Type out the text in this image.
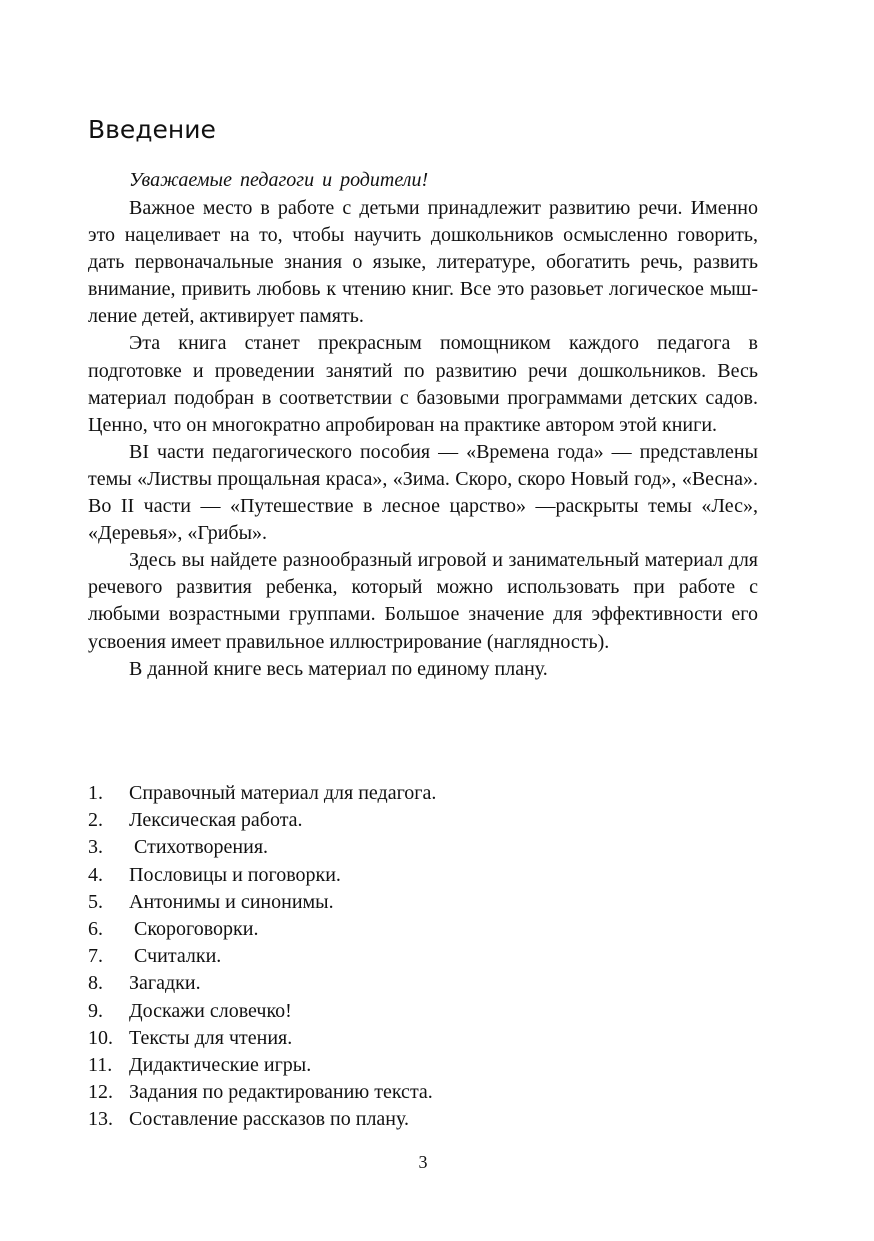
Введение

Уважаемые педагоги и родители!

Важное место в работе с детьми принадлежит развитию речи. Именно это нацеливает на то, чтобы научить дошкольников осмысленно говорить, дать первоначальные знания о языке, литературе, обогатить речь, развить внимание, привить любовь к чтению книг. Все это разовьет логическое мышление детей, активирует память.

Эта книга станет прекрасным помощником каждого педагога в подготовке и проведении занятий по развитию речи дошкольников. Весь материал подобран в соответствии с базовыми программами детских садов. Ценно, что он многократно апробирован на практике автором этой книги.

ВI части педагогического пособия — «Времена года» — представлены темы «Листвы прощальная краса», «Зима. Скоро, скоро Новый год», «Весна». Во II части — «Путешествие в лесное царство» —раскрыты темы «Лес», «Деревья», «Грибы».

Здесь вы найдете разнообразный игровой и занимательный материал для речевого развития ребенка, который можно использовать при работе с любыми возрастными группами. Большое значение для эффективности его усвоения имеет правильное иллюстрирование (наглядность).

В данной книге весь материал по единому плану.

1.	Справочный материал для педагога.
2.	Лексическая работа.
3.	Стихотворения.
4.	Пословицы и поговорки.
5.	Антонимы и синонимы.
6.	Скороговорки.
7.	Считалки.
8.	Загадки.
9.	Доскажи словечко!
10. Тексты для чтения.
11. Дидактические игры.
12. Задания по редактированию текста.
13. Составление рассказов по плану.
3
